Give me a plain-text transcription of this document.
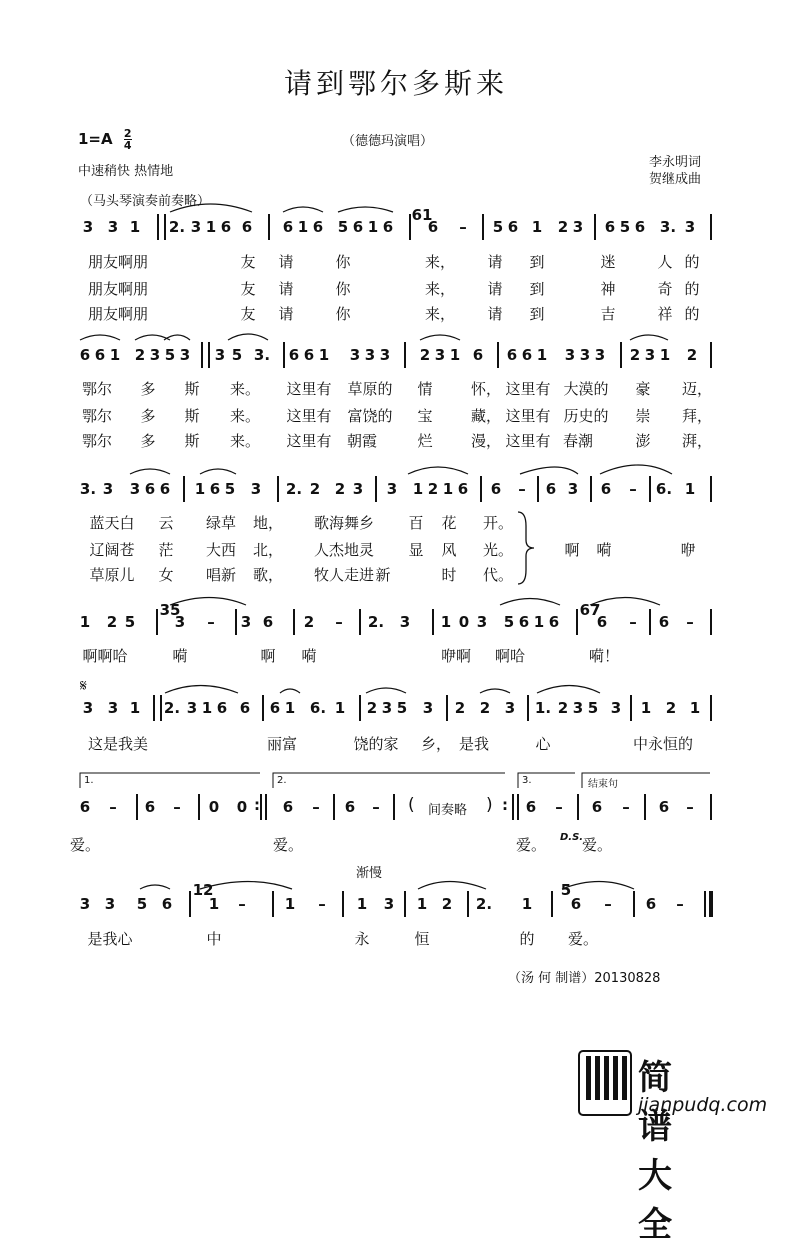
请到鄂尔多斯来
$1=A \frac{2}{4}$	（德德玛演唱）
中速稍快 热情地
（马头琴演奏前奏略）
李永明词
贺继成曲
3 3 1 2. 3 1 6 6 6 1 6 5 6 1 6 6 – 5 6 1 2 3 6 5 6 3. 3
61
朋友啊朋	友 请	你	来， 请 到	迷	人 的
朋友啊朋	友 请	你	来， 请 到	神	奇 的
朋友啊朋	友 请	你	来， 请 到	吉	祥 的
6 6 1 2 3 5 3 3 5 3. 6 6 1 3 3 3 2 3 1 6 6 6 1 3 3 3 2 3 1 2
鄂尔 多 斯 来。 这里有 草原的 情	怀， 这里有 大漠的 豪 迈，
鄂尔 多 斯 来。 这里有 富饶的 宝	藏， 这里有 历史的 崇 拜，
鄂尔 多 斯 来。 这里有 朝霞	烂	漫， 这里有 春潮	澎 湃，
3. 3 3 6 6 1 6 5 3 2. 2 2 3 3 1 2 1 6 6 – 6 3 6 – 6. 1
蓝天白 云 绿草 地， 歌海舞乡 百 花 开。
辽阔苍 茫 大西 北， 人杰地灵 显 风 光。
草原儿 女 唱新 歌， 牧人走进 新	时 代。
啊 嗬	咿
1 2 5	3 – 3 6 2 – 2. 3 1 0 3 5 6 1 6	6 – 6 –
35	67
啊啊哈	嗬	啊 嗬	咿啊 啊哈	嗬！
𝄋
3 3 1 2. 3 1 6 6 6 1 6. 1 2 3 5 3 2 2 3 1. 2 3 5 3 1 2 1
这是我美	丽富	饶的家 乡， 是我	心	中永恒的
1.	2.	3.	结束句
6 – 6 – 0 0 6 – 6 –	6 – 6 – 6 –
:	:
( 间奏略 )
爱。	爱。	爱。 爱。
D.S.
渐慢
3 3 5 6 1 –	1 – 1 3 1 2 2. 1	6 – 6 –
12	5
是我心	中	永	恒	的 爱。
（汤 何 制谱）20130828
简谱大全
jianpudq.com
